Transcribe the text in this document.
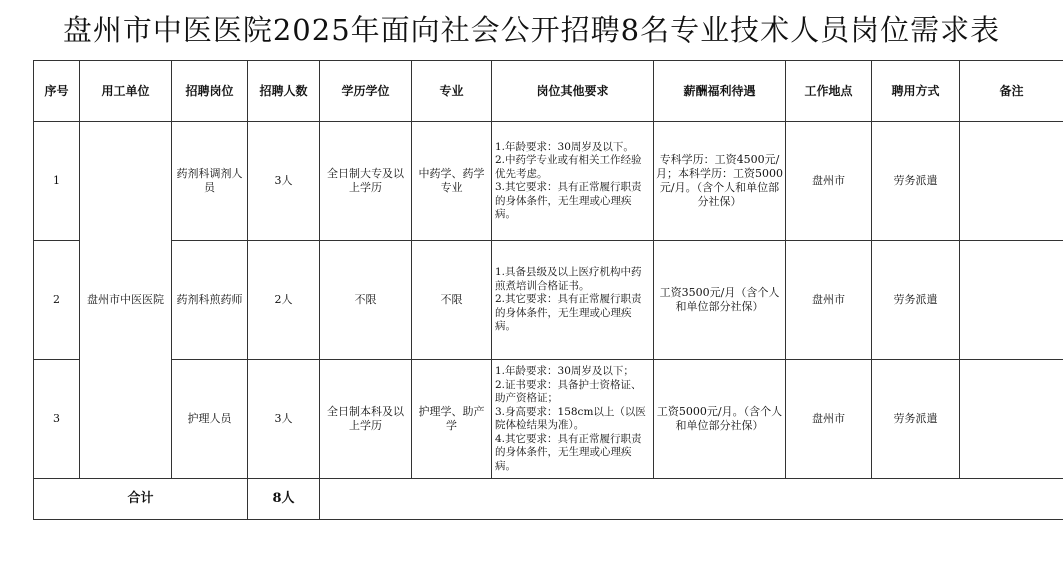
盘州市中医医院2025年面向社会公开招聘8名专业技术人员岗位需求表
序号	用工单位	招聘岗位	招聘人数	学历学位	专业	岗位其他要求	薪酬福利待遇	工作地点	聘用方式	备注
1	盘州市中医医院	药剂科调剂人员	3人	全日制大专及以上学历	中药学、药学专业	1.年龄要求：30周岁及以下。
2.中药学专业或有相关工作经验优先考虑。
3.其它要求：具有正常履行职责的身体条件，无生理或心理疾病。	专科学历：工资4500元/月；本科学历：工资5000元/月。（含个人和单位部分社保）	盘州市	劳务派遣	
2		药剂科煎药师	2人	不限	不限	1.具备县级及以上医疗机构中药煎煮培训合格证书。
2.其它要求：具有正常履行职责的身体条件，无生理或心理疾病。	工资3500元/月（含个人和单位部分社保）	盘州市	劳务派遣	
3		护理人员	3人	全日制本科及以上学历	护理学、助产学	1.年龄要求：30周岁及以下；
2.证书要求：具备护士资格证、助产资格证；
3.身高要求：158cm以上（以医院体检结果为准）。
4.其它要求：具有正常履行职责的身体条件，无生理或心理疾病。	工资5000元/月。（含个人和单位部分社保）	盘州市	劳务派遣	
合计			8人							
